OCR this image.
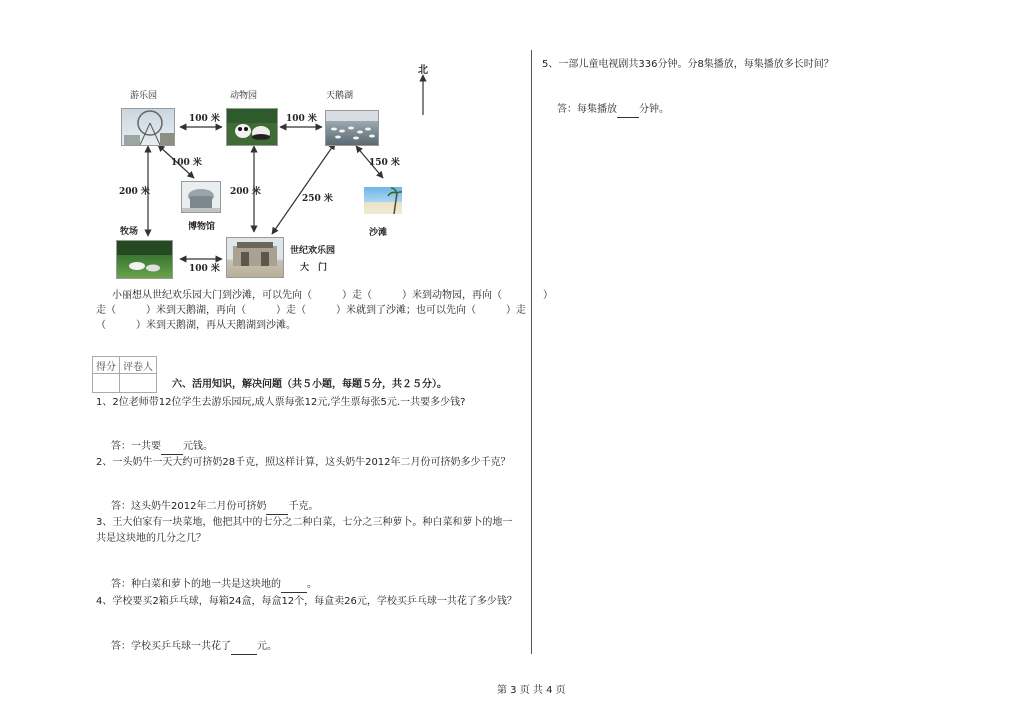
北
游乐园	动物园	天鹅湖
博物馆
沙滩
牧场
世纪欢乐园
大　门
100 米	100 米
100 米
200 米	200 米
250 米
150 米
100 米
小丽想从世纪欢乐园大门到沙滩，可以先向（　　　）走（　　　）米到动物园，再向（	）
走（　　　）米到天鹅湖，再向（　　　）走（　　　）米就到了沙滩；也可以先向（　　　）走
（　　　）米到天鹅湖，再从天鹅湖到沙滩。
得分	评卷人

六、活用知识，解决问题（共５小题，每题５分，共２５分）。
1、2位老师带12位学生去游乐园玩,成人票每张12元,学生票每张5元.一共要多少钱?
答：一共要 元钱。
2、一头奶牛一天大约可挤奶28千克，照这样计算，这头奶牛2012年二月份可挤奶多少千克？
答：这头奶牛2012年二月份可挤奶 千克。
3、王大伯家有一块菜地，他把其中的七分之二种白菜，七分之三种萝卜。种白菜和萝卜的地一
共是这块地的几分之几？
答：种白菜和萝卜的地一共是这块地的	。
4、学校要买2箱乒乓球，每箱24盒，每盒12个，每盒卖26元，学校买乒乓球一共花了多少钱？
答：学校买乒乓球一共花了	元。
5、一部儿童电视剧共336分钟。分8集播放，每集播放多长时间？
答：每集播放 分钟。
第 3 页 共 4 页
